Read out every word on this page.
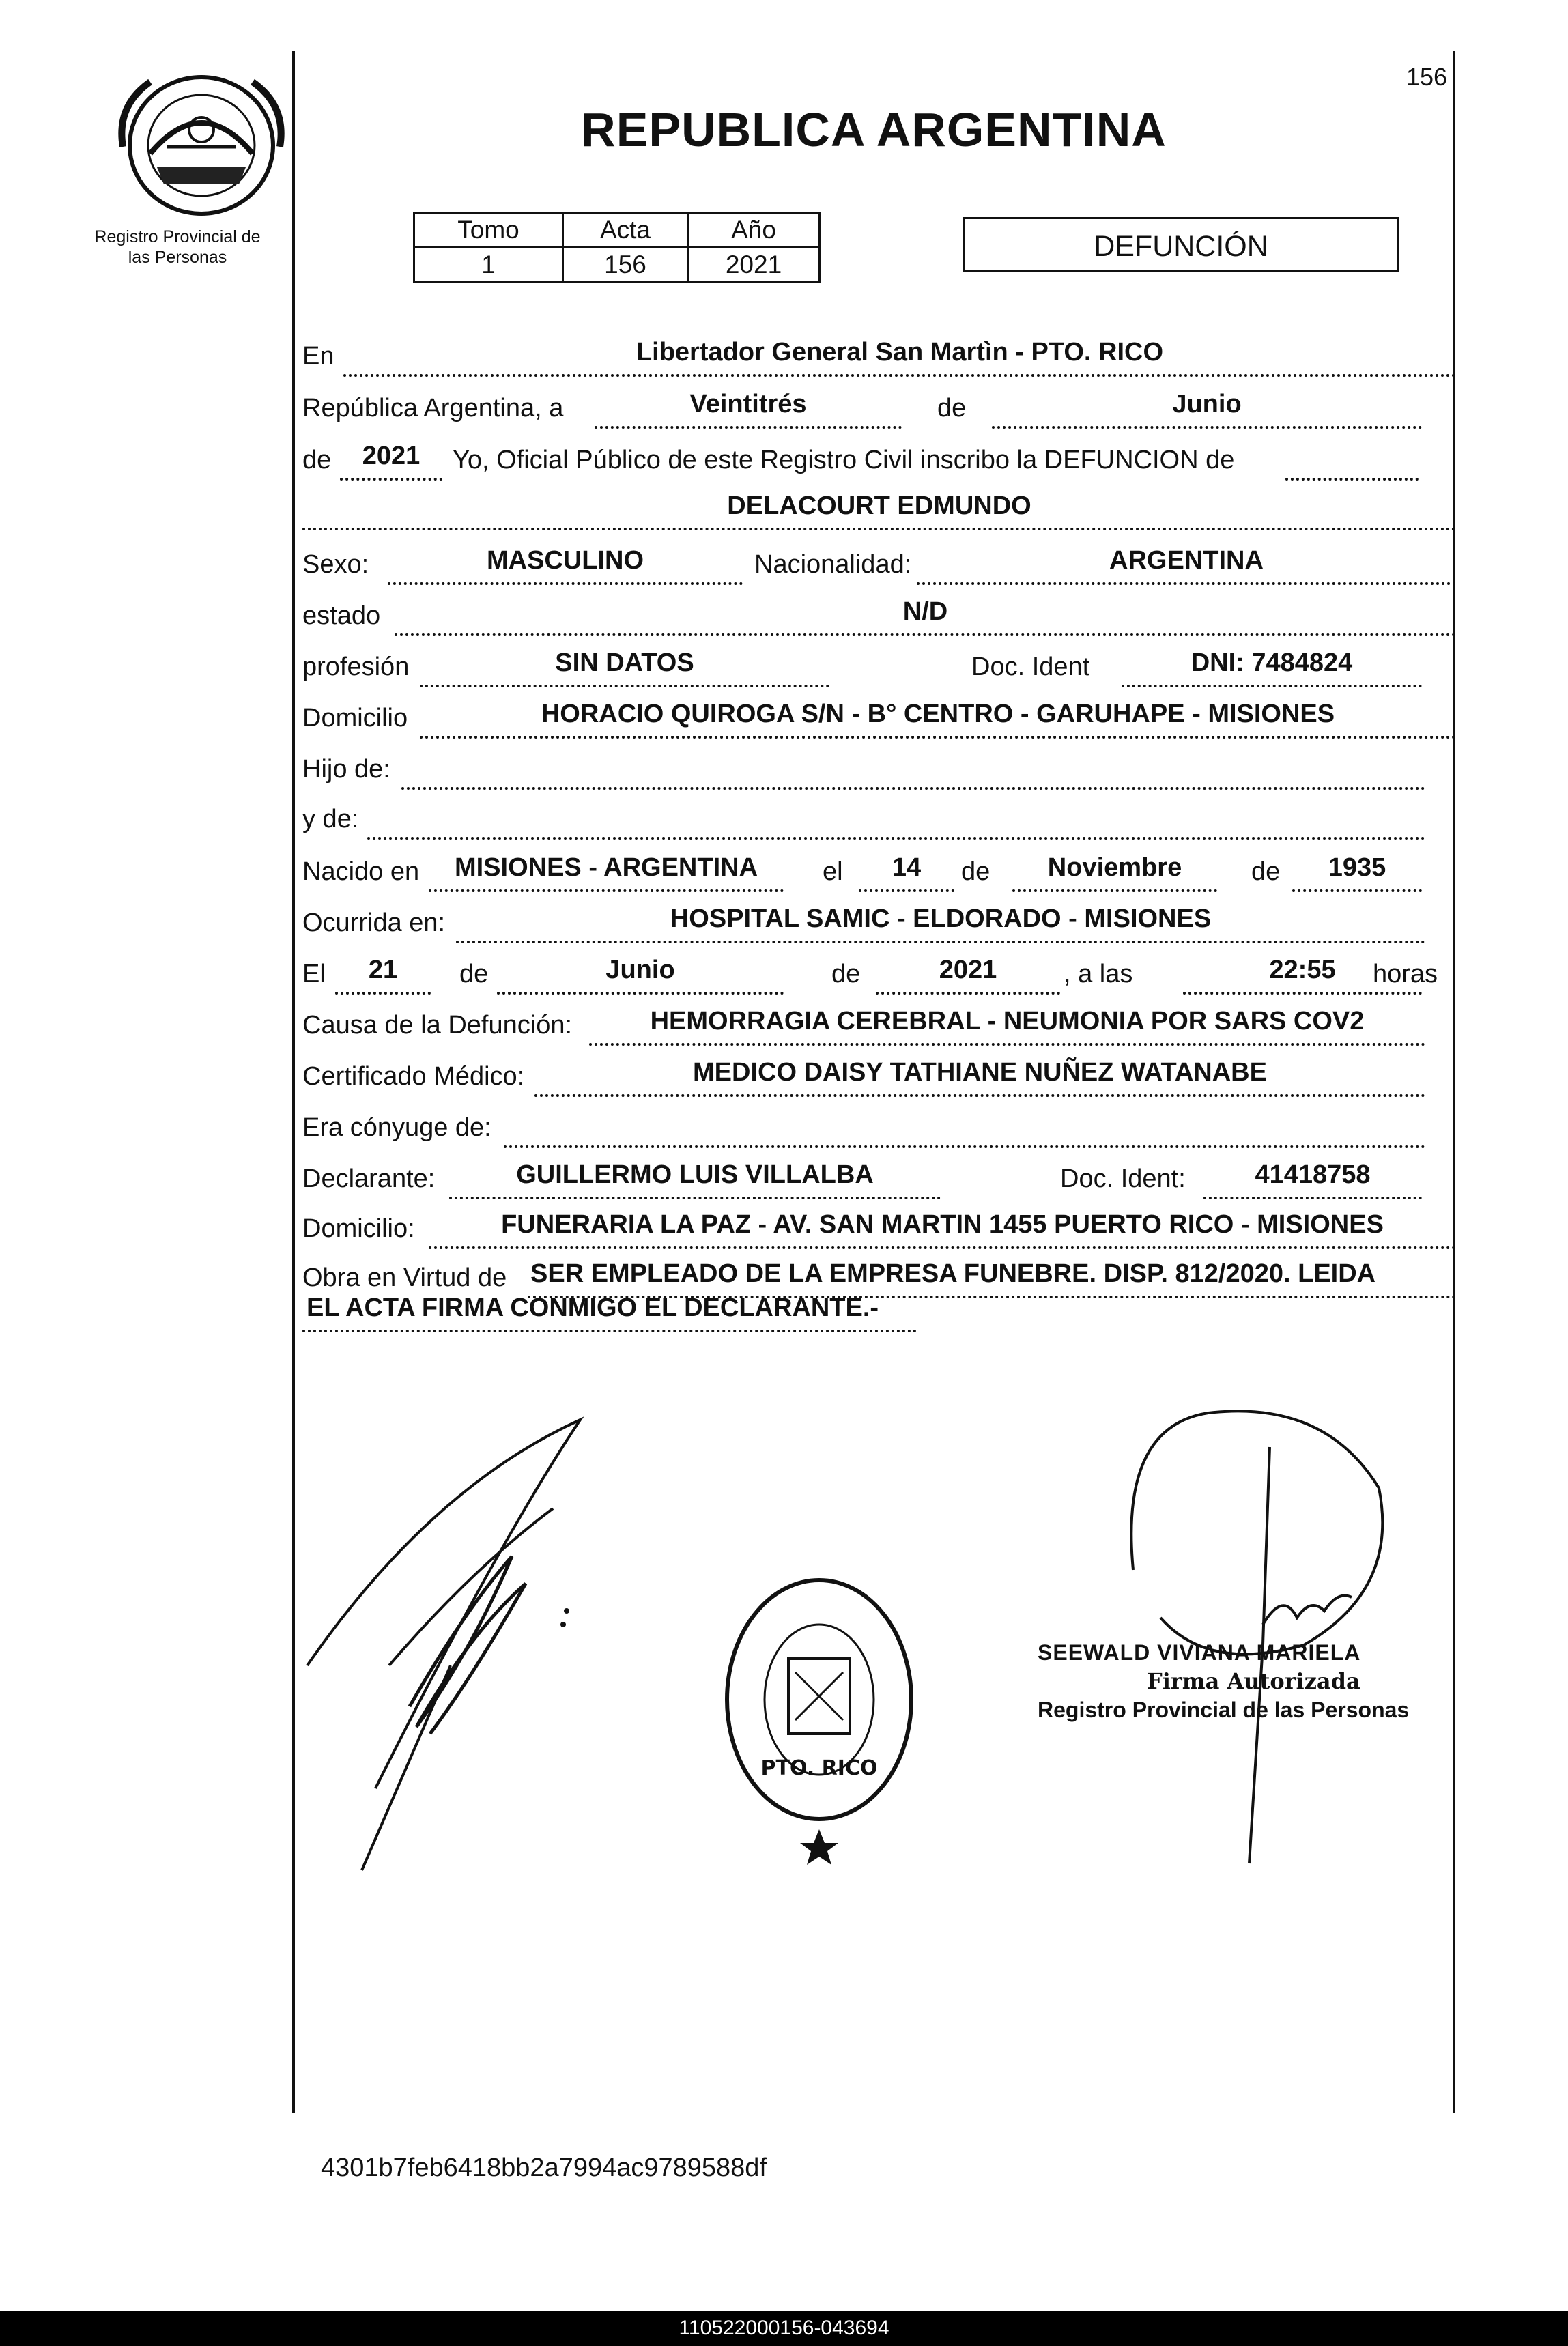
Registro Provincial de
las Personas
156
REPUBLICA ARGENTINA
Tomo	Acta	Año
1	156	2021
DEFUNCIÓN
En	Libertador General San Martìn - PTO. RICO
República Argentina, a	Veintitrés	de	Junio
de	2021	Yo, Oficial Público de este Registro Civil inscribo la DEFUNCION de
DELACOURT EDMUNDO
Sexo:	MASCULINO	Nacionalidad:	ARGENTINA
estado	N/D
profesión	SIN DATOS	Doc. Ident	DNI: 7484824
Domicilio	HORACIO QUIROGA S/N - B° CENTRO - GARUHAPE - MISIONES
Hijo de:
y de:
Nacido en	MISIONES - ARGENTINA	el	14	de	Noviembre	de	1935
Ocurrida en:	HOSPITAL SAMIC - ELDORADO - MISIONES
El	21	de	Junio	de	2021	, a las	22:55	horas
Causa de la Defunción:	HEMORRAGIA CEREBRAL - NEUMONIA POR SARS COV2
Certificado Médico:	MEDICO DAISY TATHIANE NUÑEZ WATANABE
Era cónyuge de:
Declarante:	GUILLERMO LUIS VILLALBA	Doc. Ident:	41418758
Domicilio:	FUNERARIA LA PAZ - AV. SAN MARTIN 1455 PUERTO RICO - MISIONES
Obra en Virtud de SER EMPLEADO DE LA EMPRESA FUNEBRE. DISP. 812/2020. LEIDA
EL ACTA FIRMA CONMIGO EL DECLARANTE.-
PTO. RICO
SEEWALD VIVIANA MARIELA
Firma Autorizada
Registro Provincial de las Personas
4301b7feb6418bb2a7994ac9789588df
110522000156-043694
